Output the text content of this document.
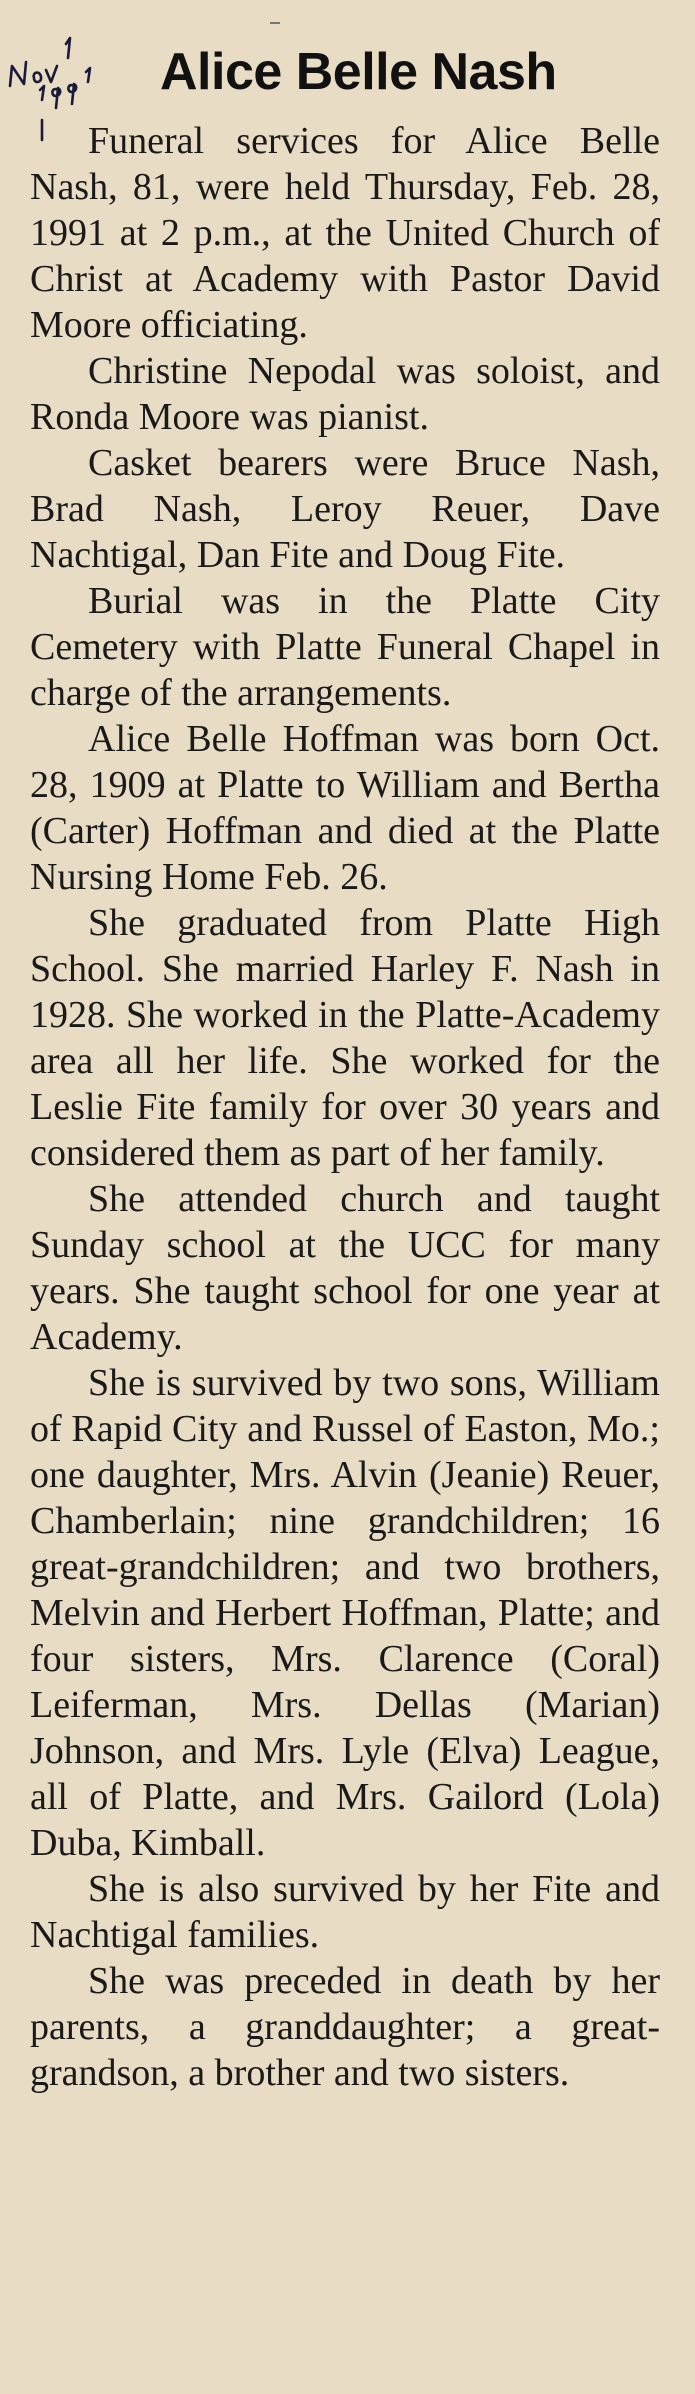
Alice Belle Nash

Funeral services for Alice Belle Nash, 81, were held Thursday, Feb. 28, 1991 at 2 p.m., at the United Church of Christ at Academy with Pastor David Moore officiating.

Christine Nepodal was soloist, and Ronda Moore was pianist.

Casket bearers were Bruce Nash, Brad Nash, Leroy Reuer, Dave Nachtigal, Dan Fite and Doug Fite.

Burial was in the Platte City Cemetery with Platte Funeral Chapel in charge of the arrangements.

Alice Belle Hoffman was born Oct. 28, 1909 at Platte to William and Bertha (Carter) Hoffman and died at the Platte Nursing Home Feb. 26.

She graduated from Platte High School. She married Harley F. Nash in 1928. She worked in the Platte-Academy area all her life. She worked for the Leslie Fite family for over 30 years and considered them as part of her family.

She attended church and taught Sunday school at the UCC for many years. She taught school for one year at Academy.

She is survived by two sons, William of Rapid City and Russel of Easton, Mo.; one daughter, Mrs. Alvin (Jeanie) Reuer, Chamberlain; nine grandchildren; 16 great-grandchildren; and two brothers, Melvin and Herbert Hoffman, Platte; and four sisters, Mrs. Clarence (Coral) Leiferman, Mrs. Dellas (Marian) Johnson, and Mrs. Lyle (Elva) League, all of Platte, and Mrs. Gailord (Lola) Duba, Kimball.

She is also survived by her Fite and Nachtigal families.

She was preceded in death by her parents, a granddaughter; a great-grandson, a brother and two sisters.
